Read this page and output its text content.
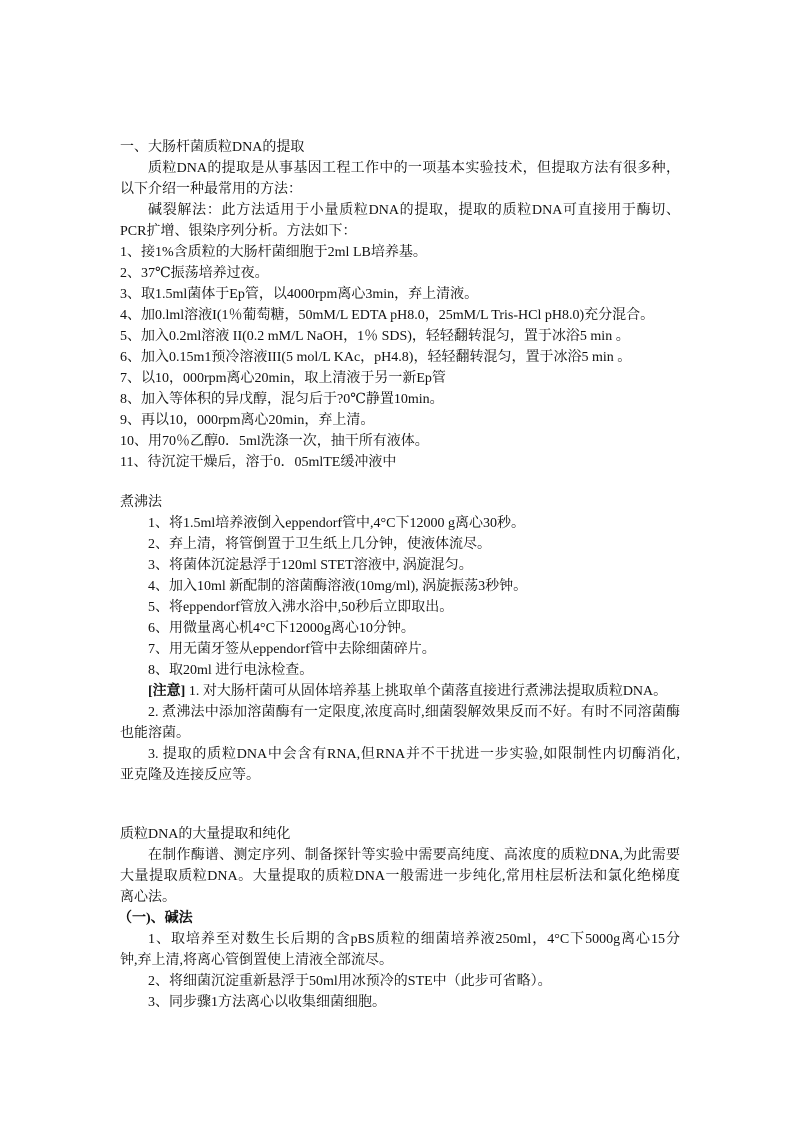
一、大肠杆菌质粒DNA的提取
质粒DNA的提取是从事基因工程工作中的一项基本实验技术，但提取方法有很多种，
以下介绍一种最常用的方法：
碱裂解法：此方法适用于小量质粒DNA的提取，提取的质粒DNA可直接用于酶切、
PCR扩增、银染序列分析。方法如下：
1、接1%含质粒的大肠杆菌细胞于2ml LB培养基。
2、37℃振荡培养过夜。
3、取1.5ml菌体于Ep管，以4000rpm离心3min，弃上清液。
4、加0.lml溶液I(1％葡萄糖，50mM/L EDTA pH8.0，25mM/L Tris-HCl pH8.0)充分混合。
5、加入0.2ml溶液 II(0.2 mM/L NaOH，1％ SDS)，轻轻翻转混匀，置于冰浴5 min 。
6、加入0.15m1预冷溶液III(5 mol/L KAc，pH4.8)，轻轻翻转混匀，置于冰浴5 min 。
7、以10，000rpm离心20min，取上清液于另一新Ep管
8、加入等体积的异戊醇，混匀后于?0℃静置10min。
9、再以10，000rpm离心20min，弃上清。
10、用70％乙醇0．5ml洗涤一次，抽干所有液体。
11、待沉淀干燥后，溶于0．05mlTE缓冲液中
煮沸法
1、将1.5ml培养液倒入eppendorf管中,4°C下12000 g离心30秒。
2、弃上清，将管倒置于卫生纸上几分钟，使液体流尽。
3、将菌体沉淀悬浮于120ml STET溶液中, 涡旋混匀。
4、加入10ml 新配制的溶菌酶溶液(10mg/ml), 涡旋振荡3秒钟。
5、将eppendorf管放入沸水浴中,50秒后立即取出。
6、用微量离心机4°C下12000g离心10分钟。
7、用无菌牙签从eppendorf管中去除细菌碎片。
8、取20ml 进行电泳检查。
[注意] 1. 对大肠杆菌可从固体培养基上挑取单个菌落直接进行煮沸法提取质粒DNA。
2. 煮沸法中添加溶菌酶有一定限度,浓度高时,细菌裂解效果反而不好。有时不同溶菌酶
也能溶菌。
3. 提取的质粒DNA中会含有RNA,但RNA并不干扰进一步实验,如限制性内切酶消化,
亚克隆及连接反应等。
质粒DNA的大量提取和纯化
在制作酶谱、测定序列、制备探针等实验中需要高纯度、高浓度的质粒DNA,为此需要
大量提取质粒DNA。大量提取的质粒DNA一般需进一步纯化,常用柱层析法和氯化绝梯度
离心法。
（一)、碱法
1、取培养至对数生长后期的含pBS质粒的细菌培养液250ml，4°C下5000g离心15分
钟,弃上清,将离心管倒置使上清液全部流尽。
2、将细菌沉淀重新悬浮于50ml用冰预冷的STE中（此步可省略）。
3、同步骤1方法离心以收集细菌细胞。
